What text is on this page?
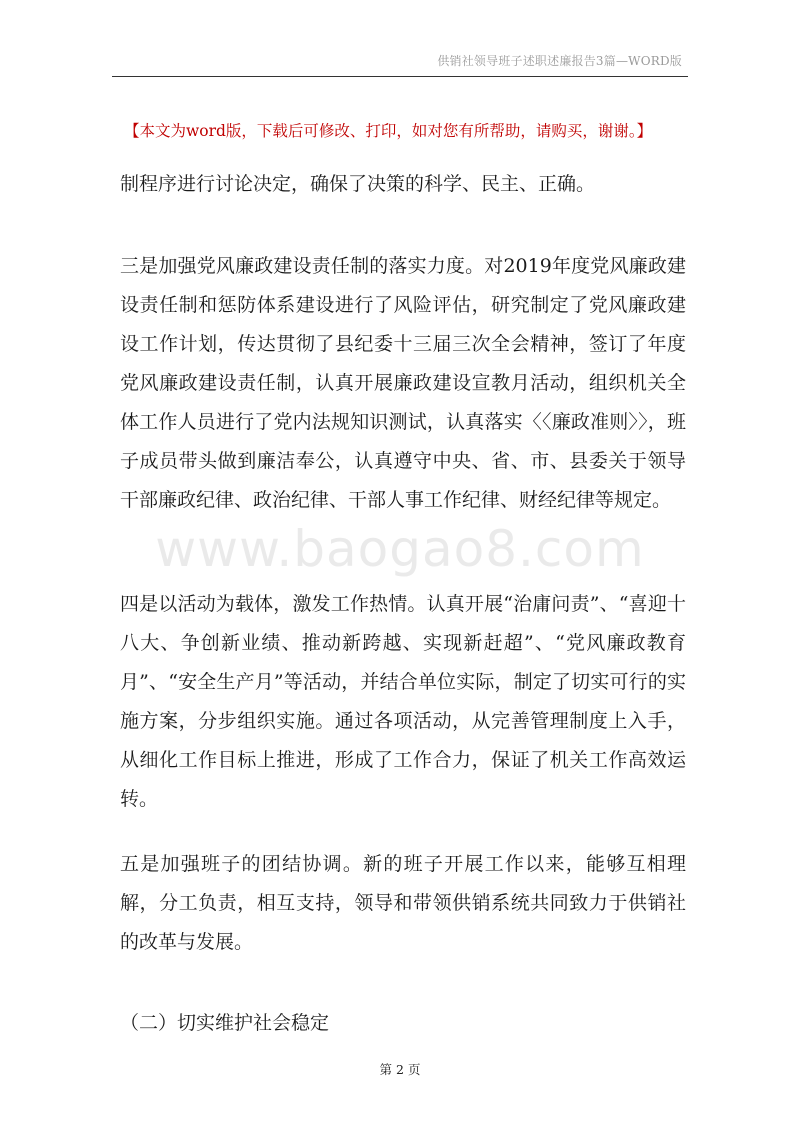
供销社领导班子述职述廉报告3篇—WORD版
【本文为word版，下载后可修改、打印，如对您有所帮助，请购买，谢谢。】

制程序进行讨论决定，确保了决策的科学、民主、正确。

三是加强党风廉政建设责任制的落实力度。对2019年度党风廉政建设责任制和惩防体系建设进行了风险评估，研究制定了党风廉政建设工作计划，传达贯彻了县纪委十三届三次全会精神，签订了年度党风廉政建设责任制，认真开展廉政建设宣教月活动，组织机关全体工作人员进行了党内法规知识测试，认真落实〈〈廉政准则〉〉，班子成员带头做到廉洁奉公，认真遵守中央、省、市、县委关于领导干部廉政纪律、政治纪律、干部人事工作纪律、财经纪律等规定。

四是以活动为载体，激发工作热情。认真开展“治庸问责”、“喜迎十八大、争创新业绩、推动新跨越、实现新赶超”、“党风廉政教育月”、“安全生产月”等活动，并结合单位实际，制定了切实可行的实施方案，分步组织实施。通过各项活动，从完善管理制度上入手，从细化工作目标上推进，形成了工作合力，保证了机关工作高效运转。

五是加强班子的团结协调。新的班子开展工作以来，能够互相理解，分工负责，相互支持，领导和带领供销系统共同致力于供销社的改革与发展。

（二）切实维护社会稳定

www.baogao8.com
第 2 页
